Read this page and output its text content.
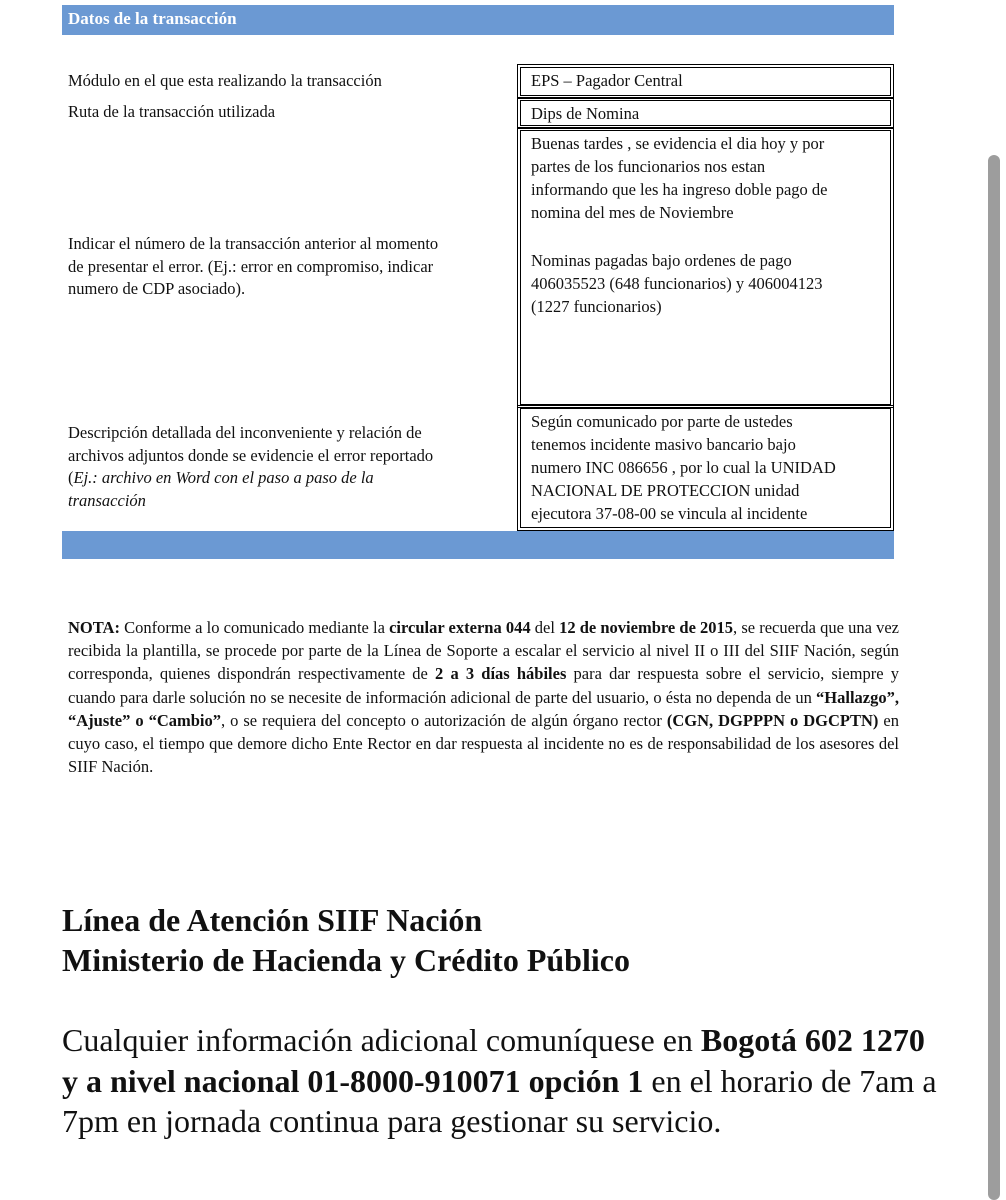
Datos de la transacción
Módulo en el que esta realizando la transacción
Ruta de la transacción utilizada
Indicar el número de la transacción anterior al momento
de presentar el error. (Ej.: error en compromiso, indicar
numero de CDP asociado).
Descripción detallada del inconveniente y relación de
archivos adjuntos donde se evidencie el error reportado
(Ej.: archivo en Word con el paso a paso de la
transacción
EPS – Pagador Central
Dips de Nomina
Buenas tardes , se evidencia el dia hoy y por
partes de los funcionarios nos estan
informando que les ha ingreso doble pago de
nomina del mes de Noviembre
Nominas pagadas bajo ordenes de pago
406035523 (648 funcionarios) y 406004123
(1227 funcionarios)
Según comunicado por parte de ustedes
tenemos incidente masivo bancario bajo
numero INC 086656 , por lo cual la UNIDAD
NACIONAL DE PROTECCION unidad
ejecutora 37-08-00 se vincula al incidente
NOTA: Conforme a lo comunicado mediante la circular externa 044 del 12 de noviembre de 2015, se recuerda que una vez recibida la plantilla, se procede por parte de la Línea de Soporte a escalar el servicio al nivel II o III del SIIF Nación, según corresponda, quienes dispondrán respectivamente de 2 a 3 días hábiles para dar respuesta sobre el servicio, siempre y cuando para darle solución no se necesite de información adicional de parte del usuario, o ésta no dependa de un “Hallazgo”, “Ajuste” o “Cambio”, o se requiera del concepto o autorización de algún órgano rector (CGN, DGPPPN o DGCPTN) en cuyo caso, el tiempo que demore dicho Ente Rector en dar respuesta al incidente no es de responsabilidad de los asesores del SIIF Nación.
Línea de Atención SIIF Nación
Ministerio de Hacienda y Crédito Público
Cualquier información adicional comuníquese en Bogotá 602 1270 y a nivel nacional 01-8000-910071 opción 1 en el horario de 7am a 7pm en jornada continua para gestionar su servicio.
